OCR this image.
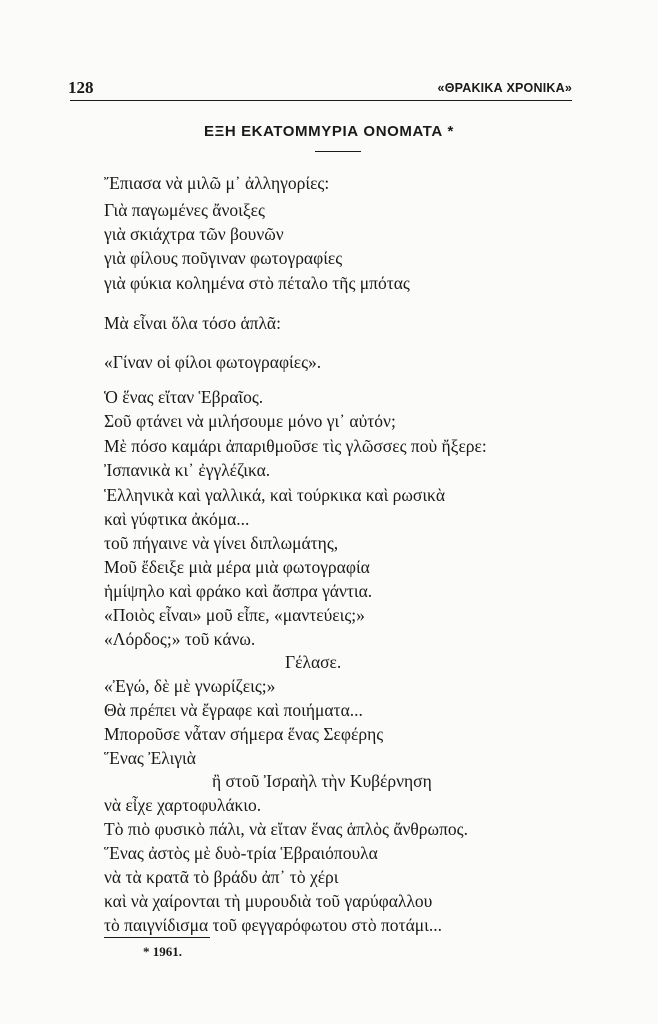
128	«ΘΡΑΚΙΚΑ ΧΡΟΝΙΚΑ»
ΕΞΗ ΕΚΑΤΟΜΜΥΡΙΑ ΟΝΟΜΑΤΑ *
Ἔπιασα νὰ μιλῶ μ᾽ ἀλληγορίες:
Γιὰ παγωμένες ἄνοιξες
γιὰ σκιάχτρα τῶν βουνῶν
γιὰ φίλους ποῦγιναν φωτογραφίες
γιὰ φύκια κολημένα στὸ πέταλο τῆς μπότας
Μὰ εἶναι ὅλα τόσο ἁπλᾶ:
«Γίναν οἱ φίλοι φωτογραφίες».
Ὁ ἕνας εἴταν Ἑβραῖος.
Σοῦ φτάνει νὰ μιλήσουμε μόνο γι᾽ αὐτόν;
Μὲ πόσο καμάρι ἀπαριθμοῦσε τὶς γλῶσσες ποὺ ἤξερε:
Ἰσπανικὰ κι᾽ ἐγγλέζικα.
Ἑλληνικὰ καὶ γαλλικά, καὶ τούρκικα καὶ ρωσικὰ
καὶ γύφτικα ἀκόμα...
τοῦ πήγαινε νὰ γίνει διπλωμάτης,
Μοῦ ἔδειξε μιὰ μέρα μιὰ φωτογραφία
ἡμίψηλο καὶ φράκο καὶ ἄσπρα γάντια.
«Ποιὸς εἶναι» μοῦ εἶπε, «μαντεύεις;»
«Λόρδος;» τοῦ κάνω.
Γέλασε.
«Ἐγώ, δὲ μὲ γνωρίζεις;»
Θὰ πρέπει νὰ ἔγραφε καὶ ποιήματα...
Μποροῦσε νἆταν σήμερα ἕνας Σεφέρης
Ἕνας Ἐλιγιὰ
ἢ στοῦ Ἰσραὴλ τὴν Κυβέρνηση
νὰ εἶχε χαρτοφυλάκιο.
Τὸ πιὸ φυσικὸ πάλι, νὰ εἴταν ἕνας ἁπλὸς ἄνθρωπος.
Ἕνας ἀστὸς μὲ δυὸ-τρία Ἑβραιόπουλα
νὰ τὰ κρατᾶ τὸ βράδυ ἀπ᾽ τὸ χέρι
καὶ νὰ χαίρονται τὴ μυρουδιὰ τοῦ γαρύφαλλου
τὸ παιγνίδισμα τοῦ φεγγαρόφωτου στὸ ποτάμι...
* 1961.
